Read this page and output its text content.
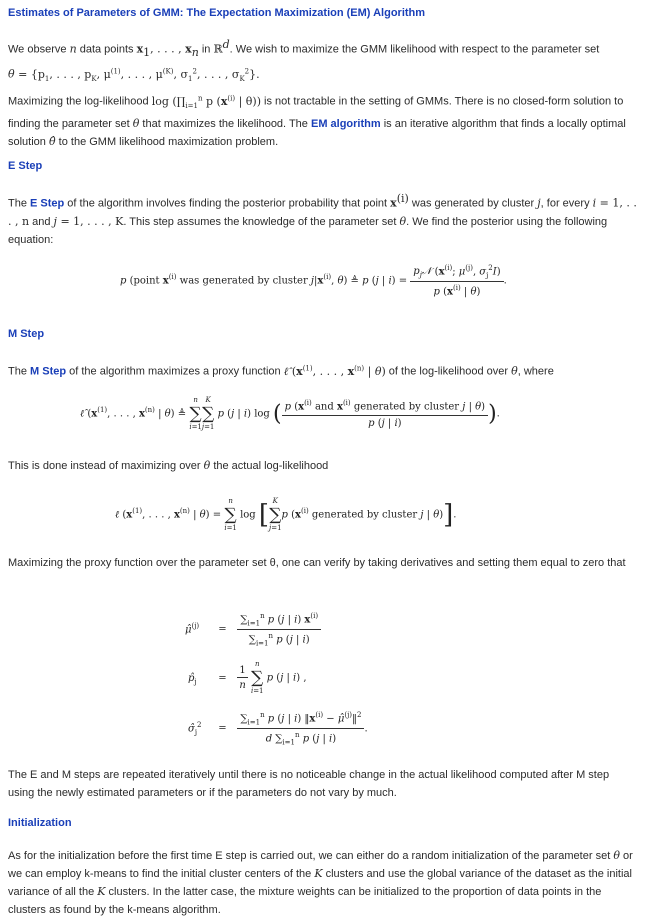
Estimates of Parameters of GMM: The Expectation Maximization (EM) Algorithm
We observe n data points $x_1$, . . . , $x_n$ in ℝ$^d$. We wish to maximize the GMM likelihood with respect to the parameter set
$\theta = \{p_1$, . . . , $p_K$, $\mu^{(1)}$, . . . , $\mu^{(K)}$, $\sigma_1^2$, . . . , $\sigma_K^2$}.
Maximizing the log-likelihood $\log (\prod_{i=1}^n$ p ($x^{(i)}$ | θ)) is not tractable in the setting of GMMs. There is no closed-form solution to finding the parameter set θ that maximizes the likelihood. The EM algorithm is an iterative algorithm that finds a locally optimal solution θ̂ to the GMM likelihood maximization problem.
E Step
The E Step of the algorithm involves finding the posterior probability that point $x^{(i)}$ was generated by cluster j, for every i = 1, . . . , n and j = 1, . . . , K. This step assumes the knowledge of the parameter set θ. We find the posterior using the following equation:
p (point $x^{(i)}$ was generated by cluster $j|x^{(i)}$, θ) ≜ p (j | $i) = \frac{p_j𝒩 (x^{(i)}; \mu^{(j)}, \sigma_j^2I)}{p (x^{(i)} | \theta)}$ .
M Step
The M Step of the algorithm maximizes a proxy function ℓ̂ ($x^{(1)}$, . . . , $x^{(n)}$ | θ) of the log-likelihood over θ, where
ℓ̂ ($x^{(1)}$, . . . , $x^{(n)}$ | θ) ≜
n
∑
i=1
K
∑
j=1
p (j | i) log ( $\frac{p (x^{(i)} and x^{(i)} generated by cluster j | \theta)}{p (j | i)}$ ).
This is done instead of maximizing over θ the actual log-likelihood
ℓ ($x^{(1)}$, . . . , $x^{(n)}$ | θ) =
n
∑
i=1
log [ K
∑
j=1
p ($x^{(i)}$ generated by cluster j | θ)].
Maximizing the proxy function over the parameter set θ, one can verify by taking derivatives and setting them equal to zero that
μ̂$^{(j)}$ = $\frac{\sum_{i=1}^n p (j | i) x^{(i)}}{\sum_{i=1}^n p (j | i)}$
$p̂_j = \frac{1}{n}$

n
∑
i=1
p (j | i) ,
$\sigmâ_j^2 = \frac{\sum_{i=1}^n p (j | i) ‖x^{(i)} - \mû^{(j)}‖^2}{d \sum_{i=1}^n p (j | i)}$ .
The E and M steps are repeated iteratively until there is no noticeable change in the actual likelihood computed after M step using the newly estimated parameters or if the parameters do not vary by much.
Initialization
As for the initialization before the first time E step is carried out, we can either do a random initialization of the parameter set θ or we can employ k-means to find the initial cluster centers of the K clusters and use the global variance of the dataset as the initial variance of all the K clusters. In the latter case, the mixture weights can be initialized to the proportion of data points in the clusters as found by the k-means algorithm.
